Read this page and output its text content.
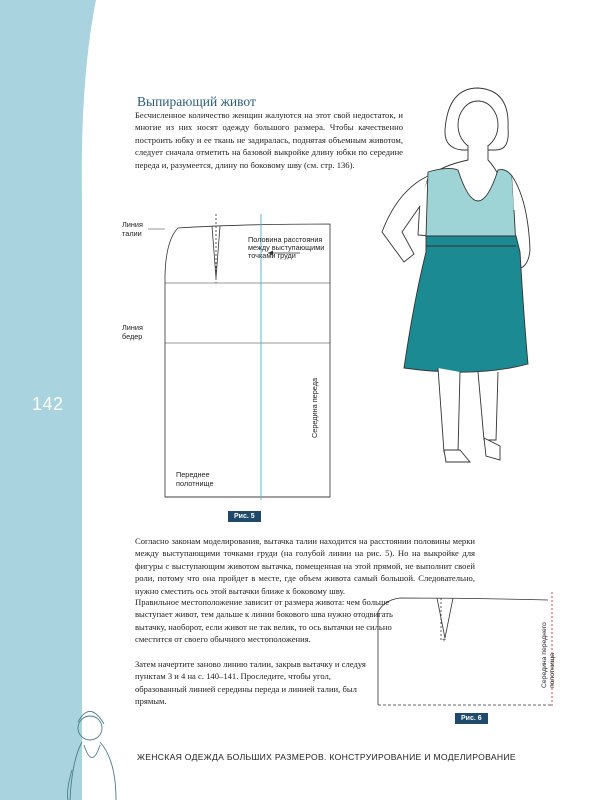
142
Выпирающий живот
Бесчисленное количество женщин жалуются на этот свой недостаток, и многие из них носят одежду большого размера. Чтобы качественно построить юбку и ее ткань не задиралась, поднятая объемным животом, следует сначала отметить на базовой выкройке длину юбки по середине переда и, разумеется, длину по боковому шву (см. стр. 136).
Линия
талии
Линия
бедер
Половина расстояния
между выступающими
точками груди
Середина переда
Переднее
полотнище
Рис. 5
Согласно законам моделирования, вытачка талии находится на расстоянии половины мерки между выступающими точками груди (на голубой линии на рис. 5). Но на выкройке для фигуры с выступающим животом вытачка, помещенная на этой прямой, не выполнит своей роли, потому что она пройдет в месте, где объем живота самый большой. Следовательно, нужно сместить ось этой вытачки ближе к боковому шву.
Правильное местоположение зависит от размера живота: чем больше выступает живот, тем дальше к линии бокового шва нужно отодвигать вытачку, наоборот, если живот не так велик, то ось вытачки не сильно сместится от своего обычного местоположения.
Затем начертите заново линию талии, закрыв вытачку и следуя пунктам 3 и 4 на с. 140–141. Проследите, чтобы угол, образованный линией середины переда и линией талии, был прямым.
+
Середина переднего
полотнища
Рис. 6
ЖЕНСКАЯ ОДЕЖДА БОЛЬШИХ РАЗМЕРОВ. КОНСТРУИРОВАНИЕ И МОДЕЛИРОВАНИЕ
